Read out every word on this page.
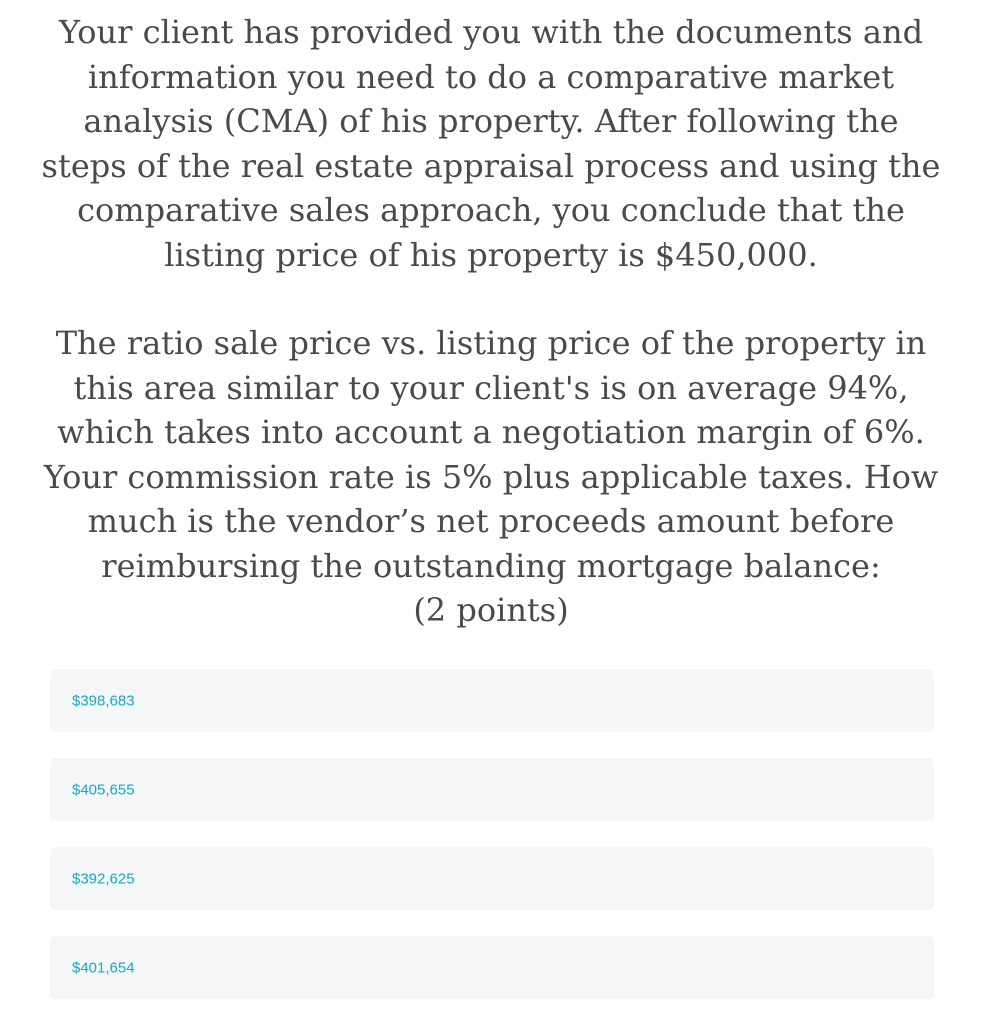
Your client has provided you with the documents and information you need to do a comparative market analysis (CMA) of his property. After following the steps of the real estate appraisal process and using the comparative sales approach, you conclude that the listing price of his property is $450,000.

The ratio sale price vs. listing price of the property in this area similar to your client's is on average 94%, which takes into account a negotiation margin of 6%. Your commission rate is 5% plus applicable taxes. How much is the vendor’s net proceeds amount before reimbursing the outstanding mortgage balance:

(2 points)

$398,683
$405,655
$392,625
$401,654
